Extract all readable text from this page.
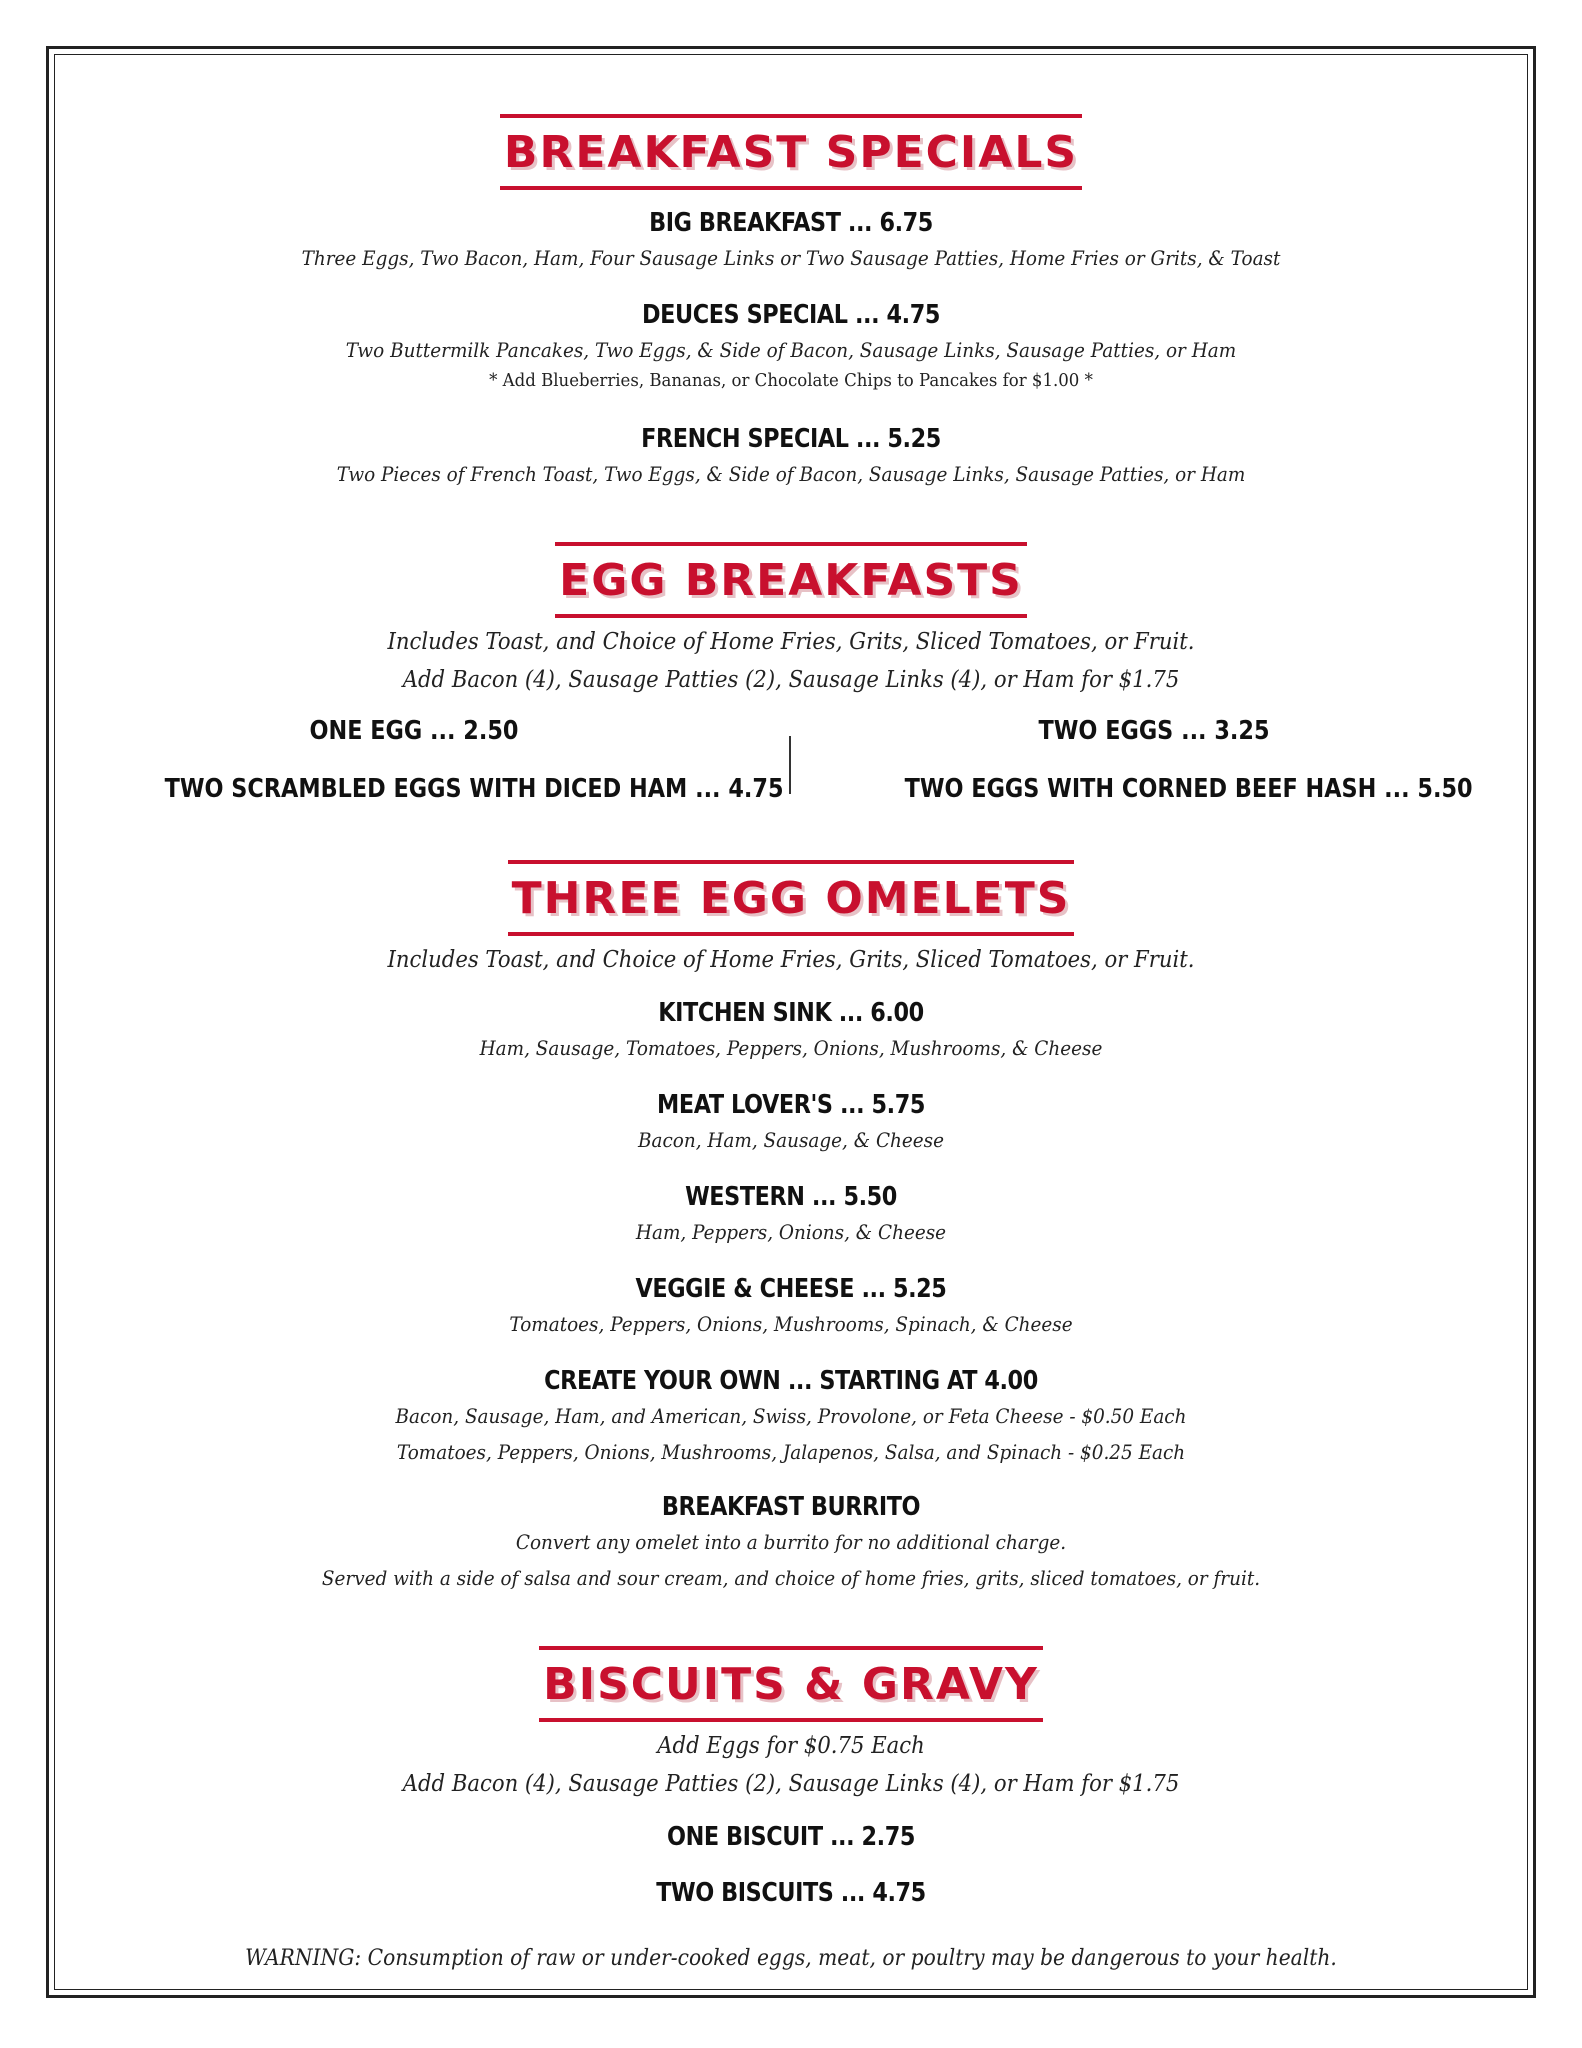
BREAKFAST SPECIALS
BIG BREAKFAST ... 6.75
Three Eggs, Two Bacon, Ham, Four Sausage Links or Two Sausage Patties, Home Fries or Grits, & Toast
DEUCES SPECIAL ... 4.75
Two Buttermilk Pancakes, Two Eggs, & Side of Bacon, Sausage Links, Sausage Patties, or Ham
* Add Blueberries, Bananas, or Chocolate Chips to Pancakes for $1.00 *
FRENCH SPECIAL ... 5.25
Two Pieces of French Toast, Two Eggs, & Side of Bacon, Sausage Links, Sausage Patties, or Ham
EGG BREAKFASTS
Includes Toast, and Choice of Home Fries, Grits, Sliced Tomatoes, or Fruit.
Add Bacon (4), Sausage Patties (2), Sausage Links (4), or Ham for $1.75
ONE EGG ... 2.50
TWO SCRAMBLED EGGS WITH DICED HAM ... 4.75
TWO EGGS ... 3.25
TWO EGGS WITH CORNED BEEF HASH ... 5.50
THREE EGG OMELETS
Includes Toast, and Choice of Home Fries, Grits, Sliced Tomatoes, or Fruit.
KITCHEN SINK ... 6.00
Ham, Sausage, Tomatoes, Peppers, Onions, Mushrooms, & Cheese
MEAT LOVER'S ... 5.75
Bacon, Ham, Sausage, & Cheese
WESTERN ... 5.50
Ham, Peppers, Onions, & Cheese
VEGGIE & CHEESE ... 5.25
Tomatoes, Peppers, Onions, Mushrooms, Spinach, & Cheese
CREATE YOUR OWN ... STARTING AT 4.00
Bacon, Sausage, Ham, and American, Swiss, Provolone, or Feta Cheese - $0.50 Each
Tomatoes, Peppers, Onions, Mushrooms, Jalapenos, Salsa, and Spinach - $0.25 Each
BREAKFAST BURRITO
Convert any omelet into a burrito for no additional charge.
Served with a side of salsa and sour cream, and choice of home fries, grits, sliced tomatoes, or fruit.
BISCUITS & GRAVY
Add Eggs for $0.75 Each
Add Bacon (4), Sausage Patties (2), Sausage Links (4), or Ham for $1.75
ONE BISCUIT ... 2.75
TWO BISCUITS ... 4.75
WARNING: Consumption of raw or under-cooked eggs, meat, or poultry may be dangerous to your health.
